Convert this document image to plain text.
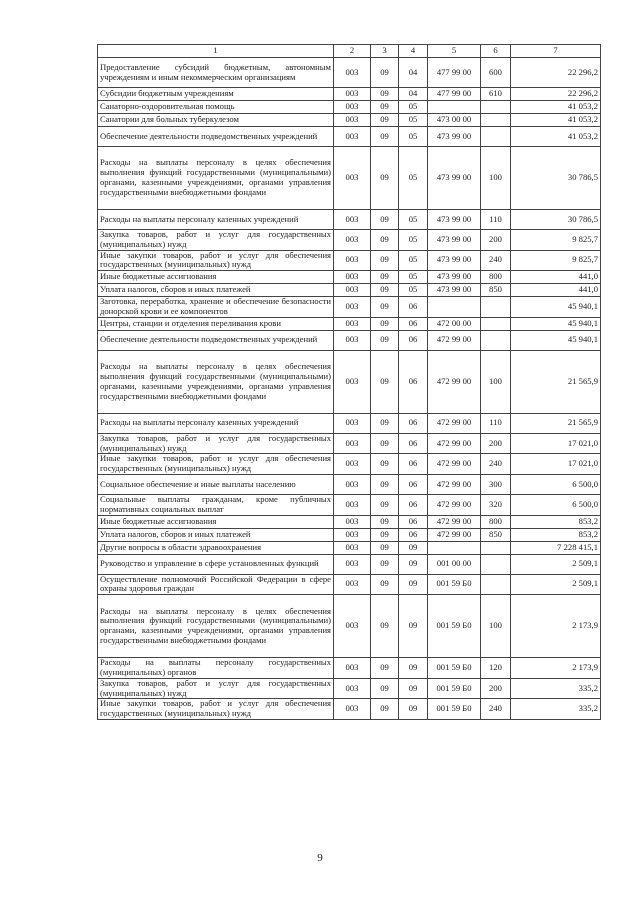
1	2	3	4	5	6	7
Предоставление субсидий бюджетным, автономным учреждениям и иным некоммерческим организациям	003	09	04	477 99 00	600	22 296,2
Субсидии бюджетным учреждениям	003	09	04	477 99 00	610	22 296,2
Санаторно-оздоровительная помощь	003	09	05			41 053,2
Санатории для больных туберкулезом	003	09	05	473 00 00		41 053,2
Обеспечение деятельности подведомственных учреждений	003	09	05	473 99 00		41 053,2
Расходы на выплаты персоналу в целях обеспечения выполнения функций государственными (муниципальными) органами, казенными учреждениями, органами управления государственными внебюджетными фондами	003	09	05	473 99 00	100	30 786,5
Расходы на выплаты персоналу казенных учреждений	003	09	05	473 99 00	110	30 786,5
Закупка товаров, работ и услуг для государственных (муниципальных) нужд	003	09	05	473 99 00	200	9 825,7
Иные закупки товаров, работ и услуг для обеспечения государственных (муниципальных) нужд	003	09	05	473 99 00	240	9 825,7
Иные бюджетные ассигнования	003	09	05	473 99 00	800	441,0
Уплата налогов, сборов и иных платежей	003	09	05	473 99 00	850	441,0
Заготовка, переработка, хранение и обеспечение безопасности донорской крови и ее компонентов	003	09	06			45 940,1
Центры, станции и отделения переливания крови	003	09	06	472 00 00		45 940,1
Обеспечение деятельности подведомственных учреждений	003	09	06	472 99 00		45 940,1
Расходы на выплаты персоналу в целях обеспечения выполнения функций государственными (муниципальными) органами, казенными учреждениями, органами управления государственными внебюджетными фондами	003	09	06	472 99 00	100	21 565,9
Расходы на выплаты персоналу казенных учреждений	003	09	06	472 99 00	110	21 565,9
Закупка товаров, работ и услуг для государственных (муниципальных) нужд	003	09	06	472 99 00	200	17 021,0
Иные закупки товаров, работ и услуг для обеспечения государственных (муниципальных) нужд	003	09	06	472 99 00	240	17 021,0
Социальное обеспечение и иные выплаты населению	003	09	06	472 99 00	300	6 500,0
Социальные выплаты гражданам, кроме публичных нормативных социальных выплат	003	09	06	472 99 00	320	6 500,0
Иные бюджетные ассигнования	003	09	06	472 99 00	800	853,2
Уплата налогов, сборов и иных платежей	003	09	06	472 99 00	850	853,2
Другие вопросы в области здравоохранения	003	09	09			7 228 415,1
Руководство и управление в сфере установленных функций	003	09	09	001 00 00		2 509,1
Осуществление полномочий Российской Федерации в сфере охраны здоровья граждан	003	09	09	001 59 Б0		2 509,1
Расходы на выплаты персоналу в целях обеспечения выполнения функций государственными (муниципальными) органами, казенными учреждениями, органами управления государственными внебюджетными фондами	003	09	09	001 59 Б0	100	2 173,9
Расходы на выплаты персоналу государственных (муниципальных) органов	003	09	09	001 59 Б0	120	2 173,9
Закупка товаров, работ и услуг для государственных (муниципальных) нужд	003	09	09	001 59 Б0	200	335,2
Иные закупки товаров, работ и услуг для обеспечения государственных (муниципальных) нужд	003	09	09	001 59 Б0	240	335,2
9
